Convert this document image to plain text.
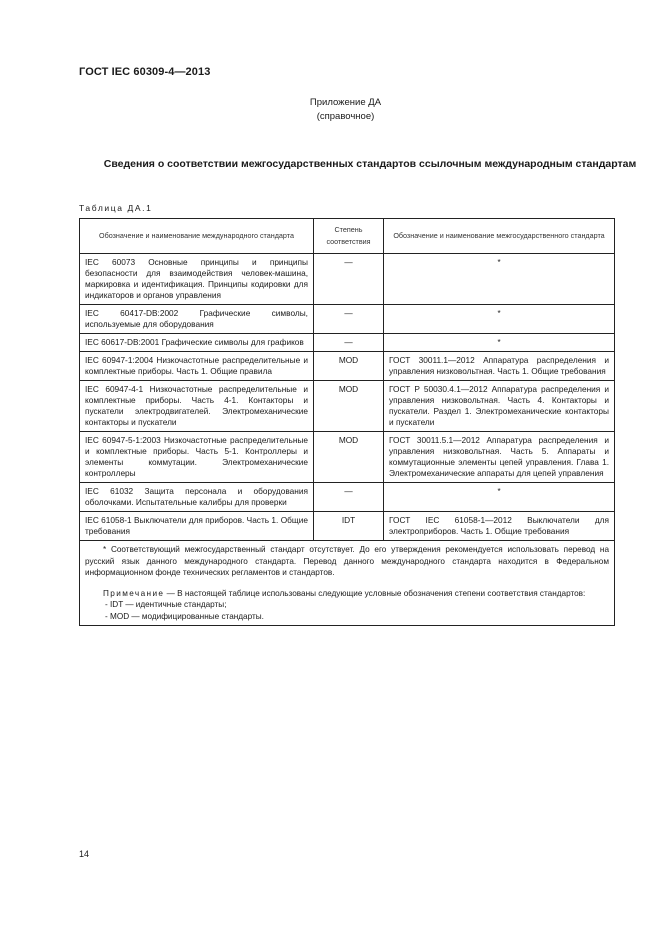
ГОСТ IEC 60309-4—2013
Приложение ДА
(справочное)
Сведения о соответствии межгосударственных стандартов ссылочным международным стандартам
Таблица ДА.1
Обозначение и наименование международного стандарта	Степень соответствия	Обозначение и наименование межгосударственного стандарта
IEC 60073 Основные принципы и принципы безопасности для взаимодействия человек-машина, маркировка и идентификация. Принципы кодировки для индикаторов и органов управления	—	*
IEC 60417-DB:2002 Графические символы, используемые для оборудования	—	*
IEC 60617-DB:2001 Графические символы для графиков	—	*
IEC 60947-1:2004 Низкочастотные распределительные и комплектные приборы. Часть 1. Общие правила	MOD	ГОСТ 30011.1—2012 Аппаратура распределения и управления низковольтная. Часть 1. Общие требования
IEC 60947-4-1 Низкочастотные распределительные и комплектные приборы. Часть 4-1. Контакторы и пускатели электродвигателей. Электромеханические контакторы и пускатели	MOD	ГОСТ Р 50030.4.1—2012 Аппаратура распределения и управления низковольтная. Часть 4. Контакторы и пускатели. Раздел 1. Электромеханические контакторы и пускатели
IEC 60947-5-1:2003 Низкочастотные распределительные и комплектные приборы. Часть 5-1. Контроллеры и элементы коммутации. Электромеханические контроллеры	MOD	ГОСТ 30011.5.1—2012 Аппаратура распределения и управления низковольтная. Часть 5. Аппараты и коммутационные элементы цепей управления. Глава 1. Электромеханические аппараты для цепей управления
IEC 61032 Защита персонала и оборудования оболочками. Испытательные калибры для проверки	—	*
IEC 61058-1 Выключатели для приборов. Часть 1. Общие требования	IDT	ГОСТ IEC 61058-1—2012 Выключатели для электроприборов. Часть 1. Общие требования

* Соответствующий межгосударственный стандарт отсутствует. До его утверждения рекомендуется использовать перевод на русский язык данного международного стандарта. Перевод данного международного стандарта находится в Федеральном информационном фонде технических регламентов и стандартов.

Примечание — В настоящей таблице использованы следующие условные обозначения степени соответствия стандартов:

- IDT — идентичные стандарты;

- MOD — модифицированные стандарты.		

14
